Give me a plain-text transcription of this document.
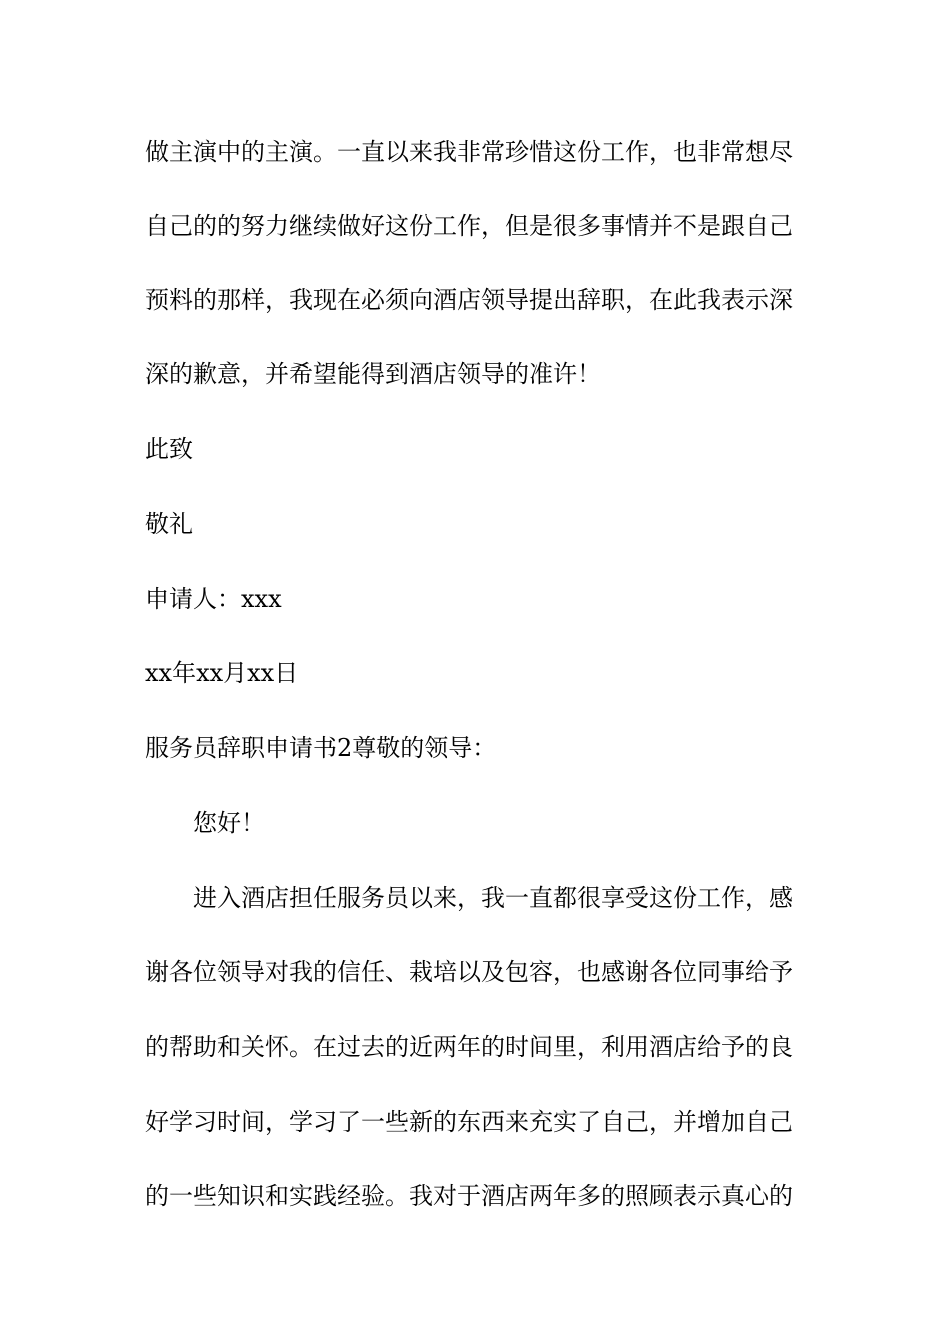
做主演中的主演。一直以来我非常珍惜这份工作，也非常想尽
自己的的努力继续做好这份工作，但是很多事情并不是跟自己
预料的那样，我现在必须向酒店领导提出辞职，在此我表示深
深的歉意，并希望能得到酒店领导的准许！
此致
敬礼
申请人：xxx
xx年xx月xx日
服务员辞职申请书2尊敬的领导：
您好！
进入酒店担任服务员以来，我一直都很享受这份工作，感
谢各位领导对我的信任、栽培以及包容，也感谢各位同事给予
的帮助和关怀。在过去的近两年的时间里，利用酒店给予的良
好学习时间，学习了一些新的东西来充实了自己，并增加自己
的一些知识和实践经验。我对于酒店两年多的照顾表示真心的
